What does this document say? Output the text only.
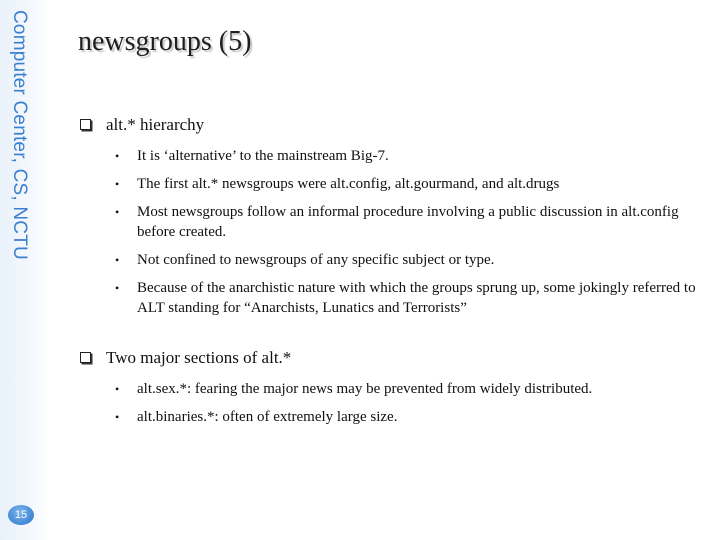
Computer Center, CS, NCTU
15
newsgroups (5)
alt.* hierarchy
• It is ‘alternative’ to the mainstream Big-7.
• The first alt.* newsgroups were alt.config, alt.gourmand, and alt.drugs
• Most newsgroups follow an informal procedure involving a public discussion in alt.config before created.
• Not confined to newsgroups of any specific subject or type.
• Because of the anarchistic nature with which the groups sprung up, some jokingly referred to ALT standing for “Anarchists, Lunatics and Terrorists”
Two major sections of alt.*
• alt.sex.*: fearing the major news may be prevented from widely distributed.
• alt.binaries.*: often of extremely large size.
